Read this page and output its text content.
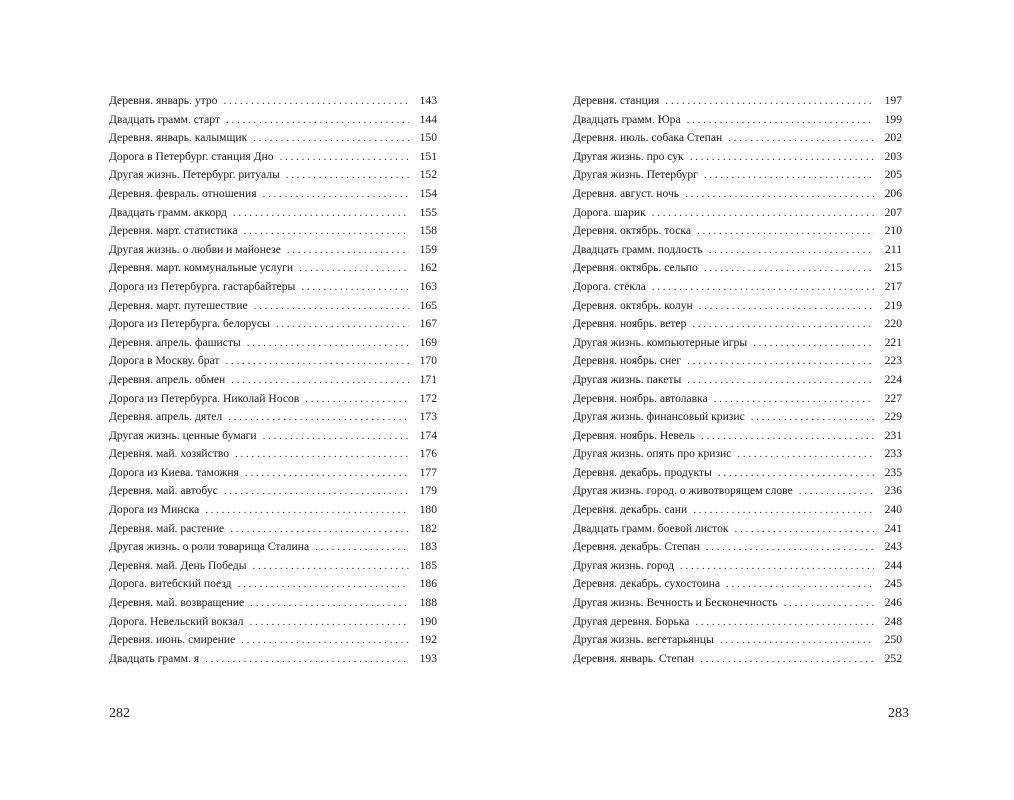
Деревня. январь. утро . . .	143
Двадцать грамм. старт . . .	144
Деревня. январь. калымщик . . .	150
Дорога в Петербург. станция Дно . . .	151
Другая жизнь. Петербург. ритуалы . . .	152
Деревня. февраль. отношения . . .	154
Двадцать грамм. аккорд . . .	155
Деревня. март. статистика . . .	158
Другая жизнь. о любви и майонезе . . .	159
Деревня. март. коммунальные услуги . . .	162
Дорога из Петербурга. гастарбайтеры . . .	163
Деревня. март. путешествие . . .	165
Дорога из Петербурга. белорусы . . .	167
Деревня. апрель. фашисты . . .	169
Дорога в Москву. брат . . .	170
Деревня. апрель. обмен . . .	171
Дорога из Петербурга. Николай Носов . . .	172
Деревня. апрель. дятел . . .	173
Другая жизнь. ценные бумаги . . .	174
Деревня. май. хозяйство . . .	176
Дорога из Киева. таможня . . .	177
Деревня. май. автобус . . .	179
Дорога из Минска . . .	180
Деревня. май. растение . . .	182
Другая жизнь. о роли товарища Сталина . . .	183
Деревня. май. День Победы . . .	185
Дорога. витебский поезд . . .	186
Деревня. май. возвращение . . .	188
Дорога. Невельский вокзал . . .	190
Деревня. июнь. смирение . . .	192
Двадцать грамм. я . . .	193
282
Деревня. станция . . .	197
Двадцать грамм. Юра . . .	199
Деревня. июль. собака Степан . . .	202
Другая жизнь. про сук . . .	203
Другая жизнь. Петербург . . .	205
Деревня. август. ночь . . .	206
Дорога. шарик . . .	207
Деревня. октябрь. тоска . . .	210
Двадцать грамм. подлость . . .	211
Деревня. октябрь. сельпо . . .	215
Дорога. стёкла . . .	217
Деревня. октябрь. колун . . .	219
Деревня. ноябрь. ветер . . .	220
Другая жизнь. компьютерные игры . . .	221
Деревня. ноябрь. снег . . .	223
Другая жизнь. пакеты . . .	224
Деревня. ноябрь. автолавка . . .	227
Другая жизнь. финансовый кризис . . .	229
Деревня. ноябрь. Невель . . .	231
Другая жизнь. опять про кризис . . .	233
Деревня. декабрь. продукты . . .	235
Другая жизнь. город. о животворящем слове . . .	236
Деревня. декабрь. сани . . .	240
Двадцать грамм. боевой листок . . .	241
Деревня. декабрь. Степан . . .	243
Другая жизнь. город . . .	244
Деревня. декабрь. сухостоина . . .	245
Другая жизнь. Вечность и Бесконечность . . .	246
Другая деревня. Борька . . .	248
Другая жизнь. вегетарьянцы . . .	250
Деревня. январь. Степан . . .	252
283
